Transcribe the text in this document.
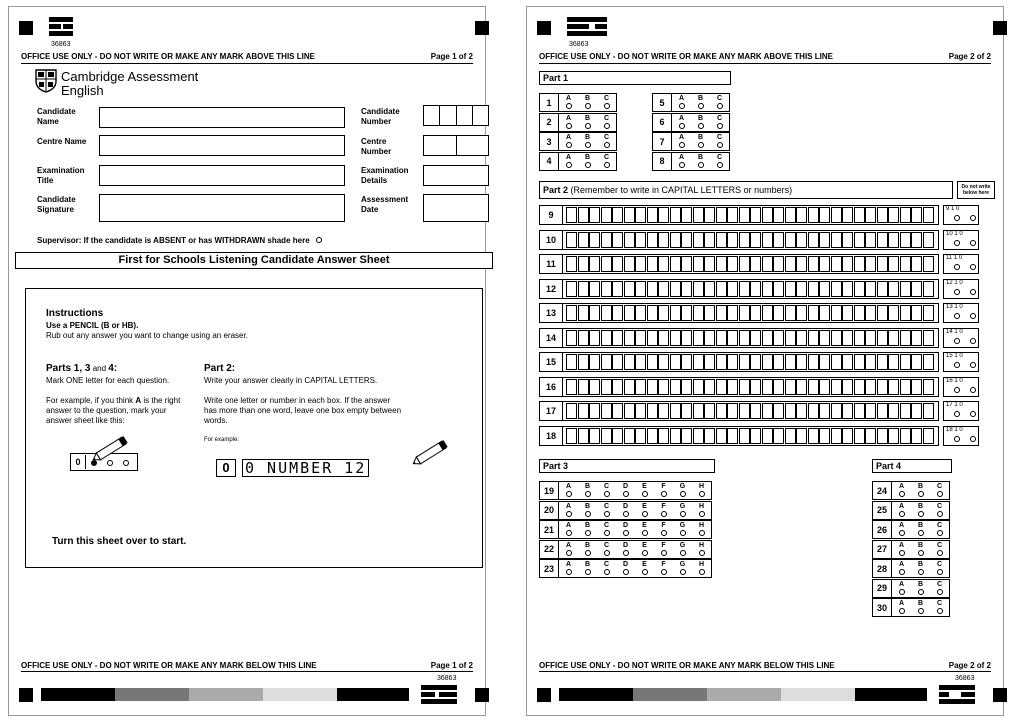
36863
OFFICE USE ONLY - DO NOT WRITE OR MAKE ANY MARK ABOVE THIS LINE	Page 1 of 2
Cambridge Assessment
English
Candidate Name
Centre Name
Examination Title
Candidate Signature
Candidate Number
Centre Number
Examination Details
Assessment Date
Supervisor: If the candidate is ABSENT or has WITHDRAWN shade here
First for Schools Listening Candidate Answer Sheet
Instructions
Use a PENCIL (B or HB).
Rub out any answer you want to change using an eraser.
Parts 1, 3 and 4:
Mark ONE letter for each question.
For example, if you think A is the right answer to the question, mark your answer sheet like this:
0
Part 2:
Write your answer clearly in CAPITAL LETTERS.
Write one letter or number in each box. If the answer has more than one word, leave one box empty between words.
For example:
0	0 NUMBER 12
Turn this sheet over to start.
OFFICE USE ONLY - DO NOT WRITE OR MAKE ANY MARK BELOW THIS LINE	Page 1 of 2
36863
36863
OFFICE USE ONLY - DO NOT WRITE OR MAKE ANY MARK ABOVE THIS LINE	Page 2 of 2
Part 1
1	A B C
2	A B C
3	A B C
4	A B C
5	A B C
6	A B C
7	A B C
8	A B C
Part 2 (Remember to write in CAPITAL LETTERS or numbers)	Do not write below here
9
9 1 0
10
10 1 0
11
11 1 0
12
12 1 0
13
13 1 0
14
14 1 0
15
15 1 0
16
16 1 0
17
17 1 0
18
18 1 0
Part 3
19	A B C D E F G H
20	A B C D E F G H
21	A B C D E F G H
22	A B C D E F G H
23	A B C D E F G H
Part 4
24	A B C
25	A B C
26	A B C
27	A B C
28	A B C
29	A B C
30	A B C
OFFICE USE ONLY - DO NOT WRITE OR MAKE ANY MARK BELOW THIS LINE	Page 2 of 2
36863
